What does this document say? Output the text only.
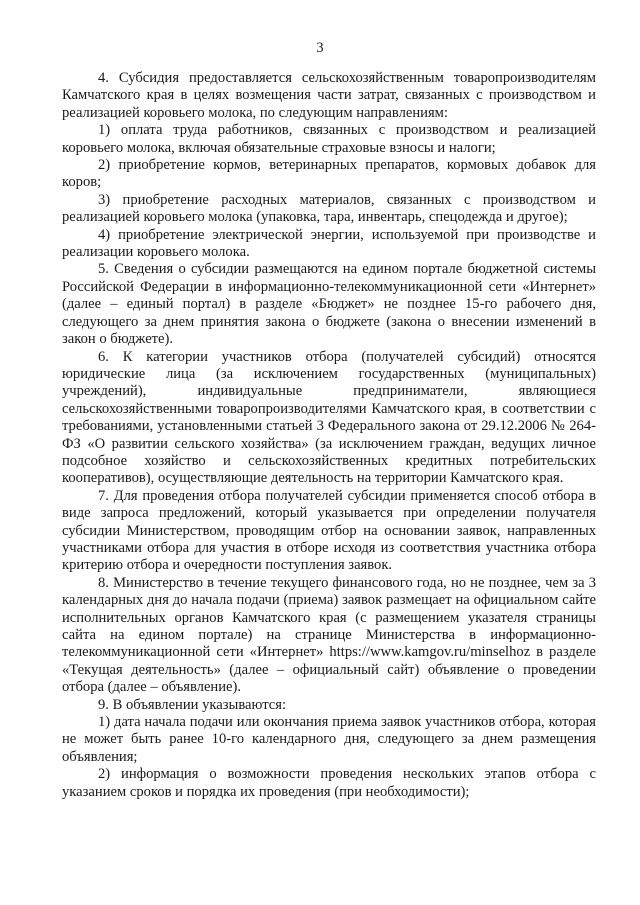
3

4. Субсидия предоставляется сельскохозяйственным товаропроизводителям Камчатского края в целях возмещения части затрат, связанных с производством и реализацией коровьего молока, по следующим направлениям:

1) оплата труда работников, связанных с производством и реализацией коровьего молока, включая обязательные страховые взносы и налоги;

2) приобретение кормов, ветеринарных препаратов, кормовых добавок для коров;

3) приобретение расходных материалов, связанных с производством и реализацией коровьего молока (упаковка, тара, инвентарь, спецодежда и другое);

4) приобретение электрической энергии, используемой при производстве и реализации коровьего молока.

5. Сведения о субсидии размещаются на едином портале бюджетной системы Российской Федерации в информационно-телекоммуникационной сети «Интернет» (далее – единый портал) в разделе «Бюджет» не позднее 15-го рабочего дня, следующего за днем принятия закона о бюджете (закона о внесении изменений в закон о бюджете).

6. К категории участников отбора (получателей субсидий) относятся юридические лица (за исключением государственных (муниципальных) учреждений), индивидуальные предприниматели, являющиеся сельскохозяйственными товаропроизводителями Камчатского края, в соответствии с требованиями, установленными статьей 3 Федерального закона от 29.12.2006 № 264-ФЗ «О развитии сельского хозяйства» (за исключением граждан, ведущих личное подсобное хозяйство и сельскохозяйственных кредитных потребительских кооперативов), осуществляющие деятельность на территории Камчатского края.

7. Для проведения отбора получателей субсидии применяется способ отбора в виде запроса предложений, который указывается при определении получателя субсидии Министерством, проводящим отбор на основании заявок, направленных участниками отбора для участия в отборе исходя из соответствия участника отбора критерию отбора и очередности поступления заявок.

8. Министерство в течение текущего финансового года, но не позднее, чем за 3 календарных дня до начала подачи (приема) заявок размещает на официальном сайте исполнительных органов Камчатского края (с размещением указателя страницы сайта на едином портале) на странице Министерства в информационно-телекоммуникационной сети «Интернет» https://www.kamgov.ru/minselhoz в разделе «Текущая деятельность» (далее – официальный сайт) объявление о проведении отбора (далее – объявление).

9. В объявлении указываются:

1) дата начала подачи или окончания приема заявок участников отбора, которая не может быть ранее 10-го календарного дня, следующего за днем размещения объявления;

2) информация о возможности проведения нескольких этапов отбора с указанием сроков и порядка их проведения (при необходимости);
